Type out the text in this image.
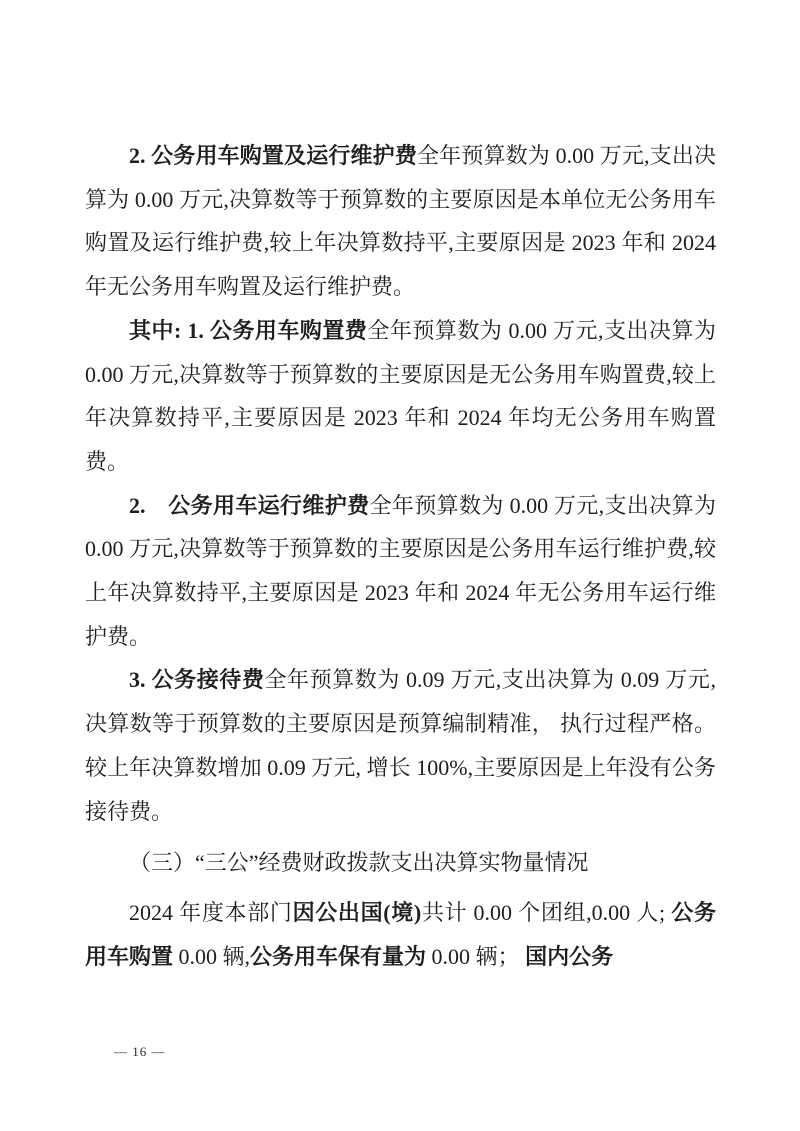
2. 公务用车购置及运行维护费全年预算数为 0.00 万元,支出决算为 0.00 万元,决算数等于预算数的主要原因是本单位无公务用车购置及运行维护费,较上年决算数持平,主要原因是 2023 年和 2024 年无公务用车购置及运行维护费。

其中: 1. 公务用车购置费全年预算数为 0.00 万元,支出决算为 0.00 万元,决算数等于预算数的主要原因是无公务用车购置费,较上年决算数持平,主要原因是 2023 年和 2024 年均无公务用车购置费。

2.　公务用车运行维护费全年预算数为 0.00 万元,支出决算为 0.00 万元,决算数等于预算数的主要原因是公务用车运行维护费,较上年决算数持平,主要原因是 2023 年和 2024 年无公务用车运行维护费。

3. 公务接待费全年预算数为 0.09 万元,支出决算为 0.09 万元,决算数等于预算数的主要原因是预算编制精准， 执行过程严格。较上年决算数增加 0.09 万元, 增长 100%,主要原因是上年没有公务接待费。

（三）“三公”经费财政拨款支出决算实物量情况

2024 年度本部门因公出国(境)共计 0.00 个团组,0.00 人; 公务用车购置 0.00 辆,公务用车保有量为 0.00 辆； 国内公务

— 16 —
